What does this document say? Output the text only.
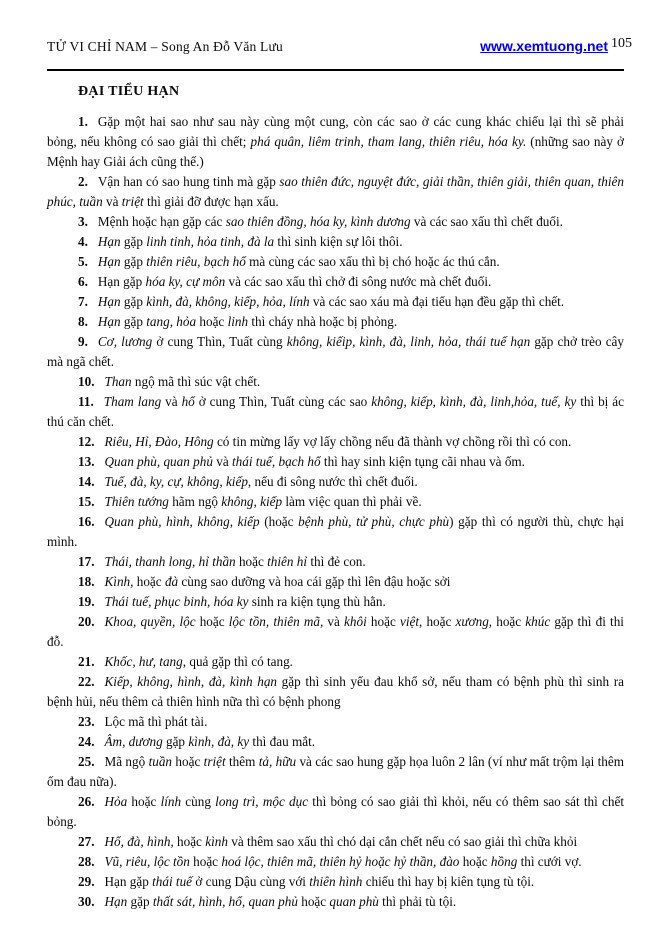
TỬ VI CHỈ NAM – Song An Đỗ Văn Lưu	www.xemtuong.net 105
ĐẠI TIỂU HẠN

1. Gặp một hai sao như sau này cùng một cung, còn các sao ở các cung khác chiếu lại thì sẽ phải bỏng, nếu không có sao giải thì chết; phá quân, liêm trinh, tham lang, thiên riêu, hóa ky. (những sao này ở Mệnh hay Giải ách cũng thế.)

2. Vận han có sao hung tinh mà gặp sao thiên đức, nguyệt đức, giải thần, thiên giải, thiên quan, thiên phúc, tuần và triệt thì giải đỡ được hạn xấu.

3. Mệnh hoặc hạn gặp các sao thiên đồng, hóa ky, kình dương và các sao xấu thì chết đuối.

4. Hạn gặp linh tinh, hỏa tinh, đà la thì sinh kiện sự lôi thôi.

5. Hạn gặp thiên riêu, bạch hổ mà cùng các sao xấu thì bị chó hoặc ác thú cắn.

6. Hạn gặp hóa ky, cự môn và các sao xấu thì chở đi sông nước mà chết đuối.

7. Hạn gặp kình, đà, không, kiếp, hỏa, lính và các sao xáu mà đại tiểu hạn đều gặp thì chết.

8. Hạn gặp tang, hỏa hoặc linh thì cháy nhà hoặc bị phỏng.

9. Cơ, lương ở cung Thìn, Tuất cùng không, kiếip, kình, đà, linh, hỏa, thái tuế hạn gặp chở trèo cây mà ngã chết.

10. Than ngộ mã thì súc vật chết.

11. Tham lang và hổ ở cung Thìn, Tuất cùng các sao không, kiếp, kình, đà, linh,hỏa, tuế, ky thì bị ác thú căn chết.

12. Riêu, Hỉ, Đào, Hông có tin mừng lấy vợ lấy chồng nếu đã thành vợ chồng rồi thì có con.

13. Quan phù, quan phủ và thái tuế, bạch hổ thì hay sinh kiện tụng cãi nhau và ốm.

14. Tuế, đà, ky, cự, không, kiếp, nếu đi sông nước thì chết đuối.

15. Thiên tướng hãm ngộ không, kiếp làm việc quan thì phải về.

16. Quan phù, hình, không, kiếp (hoặc bệnh phù, tử phù, chực phù) gặp thì có người thù, chực hại mình.

17. Thái, thanh long, hỉ thần hoặc thiên hỉ thì đẻ con.

18. Kình, hoặc đà cùng sao dưỡng và hoa cái gặp thì lên đậu hoặc sởi

19. Thái tuế, phục binh, hóa ky sinh ra kiện tụng thù hằn.

20. Khoa, quyền, lộc hoặc lộc tồn, thiên mã, và khôi hoặc việt, hoặc xương, hoặc khúc gặp thì đi thi đỗ.

21. Khốc, hư, tang, quả gặp thì có tang.

22. Kiếp, không, hình, đà, kình hạn gặp thì sinh yếu đau khổ sở, nếu tham có bệnh phù thì sinh ra bệnh hủi, nếu thêm cả thiên hình nữa thì có bệnh phong

23. Lộc mã thì phát tài.

24. Âm, dương gặp kình, đà, ky thì đau mắt.

25. Mã ngộ tuần hoặc triệt thêm tả, hữu và các sao hung gặp họa luôn 2 lân (ví như mất trộm lại thêm ốm đau nữa).

26. Hỏa hoặc lính cùng long trì, mộc dục thì bỏng có sao giải thì khỏi, nếu có thêm sao sát thì chết bỏng.

27. Hổ, đà, hình, hoặc kình và thêm sao xấu thì chó dại cắn chết nếu có sao giải thì chữa khỏi

28. Vũ, riêu, lộc tồn hoặc hoá lộc, thiên mã, thiên hỷ hoặc hỷ thần, đào hoặc hồng thì cưới vợ.

29. Hạn gặp thái tuế ở cung Dậu cùng với thiên hình chiếu thì hay bị kiên tụng tù tội.

30. Hạn gặp thất sát, hình, hổ, quan phủ hoặc quan phù thì phải tù tội.
